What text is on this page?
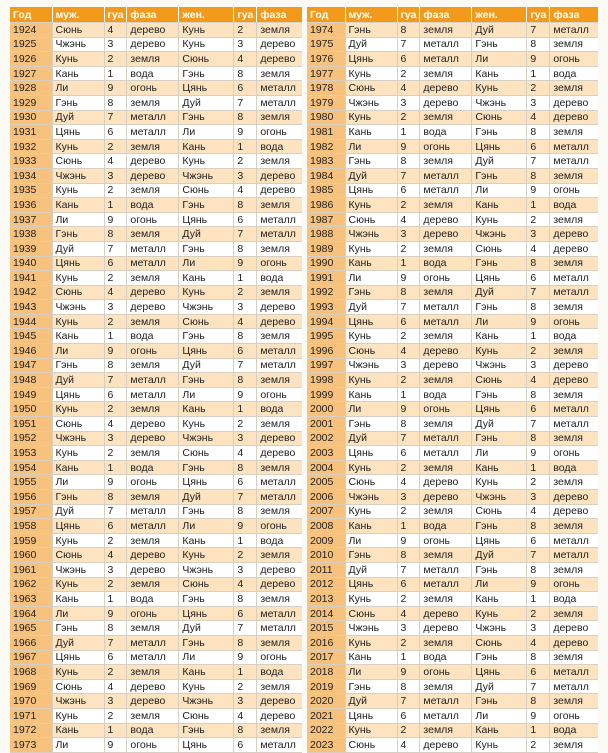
Год	муж.	гуа	фаза	жен.	гуа	фаза
1924	Сюнь	4	дерево	Кунь	2	земля
1925	Чжэнь	3	дерево	Кунь	3	дерево
1926	Кунь	2	земля	Сюнь	4	дерево
1927	Кань	1	вода	Гэнь	8	земля
1928	Ли	9	огонь	Цянь	6	металл
1929	Гэнь	8	земля	Дуй	7	металл
1930	Дуй	7	металл	Гэнь	8	земля
1931	Цянь	6	металл	Ли	9	огонь
1932	Кунь	2	земля	Кань	1	вода
1933	Сюнь	4	дерево	Кунь	2	земля
1934	Чжэнь	3	дерево	Чжэнь	3	дерево
1935	Кунь	2	земля	Сюнь	4	дерево
1936	Кань	1	вода	Гэнь	8	земля
1937	Ли	9	огонь	Цянь	6	металл
1938	Гэнь	8	земля	Дуй	7	металл
1939	Дуй	7	металл	Гэнь	8	земля
1940	Цянь	6	металл	Ли	9	огонь
1941	Кунь	2	земля	Кань	1	вода
1942	Сюнь	4	дерево	Кунь	2	земля
1943	Чжэнь	3	дерево	Чжэнь	3	дерево
1944	Кунь	2	земля	Сюнь	4	дерево
1945	Кань	1	вода	Гэнь	8	земля
1946	Ли	9	огонь	Цянь	6	металл
1947	Гэнь	8	земля	Дуй	7	металл
1948	Дуй	7	металл	Гэнь	8	земля
1949	Цянь	6	металл	Ли	9	огонь
1950	Кунь	2	земля	Кань	1	вода
1951	Сюнь	4	дерево	Кунь	2	земля
1952	Чжэнь	3	дерево	Чжэнь	3	дерево
1953	Кунь	2	земля	Сюнь	4	дерево
1954	Кань	1	вода	Гэнь	8	земля
1955	Ли	9	огонь	Цянь	6	металл
1956	Гэнь	8	земля	Дуй	7	металл
1957	Дуй	7	металл	Гэнь	8	земля
1958	Цянь	6	металл	Ли	9	огонь
1959	Кунь	2	земля	Кань	1	вода
1960	Сюнь	4	дерево	Кунь	2	земля
1961	Чжэнь	3	дерево	Чжэнь	3	дерево
1962	Кунь	2	земля	Сюнь	4	дерево
1963	Кань	1	вода	Гэнь	8	земля
1964	Ли	9	огонь	Цянь	6	металл
1965	Гэнь	8	земля	Дуй	7	металл
1966	Дуй	7	металл	Гэнь	8	земля
1967	Цянь	6	металл	Ли	9	огонь
1968	Кунь	2	земля	Кань	1	вода
1969	Сюнь	4	дерево	Кунь	2	земля
1970	Чжэнь	3	дерево	Чжэнь	3	дерево
1971	Кунь	2	земля	Сюнь	4	дерево
1972	Кань	1	вода	Гэнь	8	земля
1973	Ли	9	огонь	Цянь	6	металл
Год	муж.	гуа	фаза	жен.	гуа	фаза
1974	Гэнь	8	земля	Дуй	7	металл
1975	Дуй	7	металл	Гэнь	8	земля
1976	Цянь	6	металл	Ли	9	огонь
1977	Кунь	2	земля	Кань	1	вода
1978	Сюнь	4	дерево	Кунь	2	земля
1979	Чжэнь	3	дерево	Чжэнь	3	дерево
1980	Кунь	2	земля	Сюнь	4	дерево
1981	Кань	1	вода	Гэнь	8	земля
1982	Ли	9	огонь	Цянь	6	металл
1983	Гэнь	8	земля	Дуй	7	металл
1984	Дуй	7	металл	Гэнь	8	земля
1985	Цянь	6	металл	Ли	9	огонь
1986	Кунь	2	земля	Кань	1	вода
1987	Сюнь	4	дерево	Кунь	2	земля
1988	Чжэнь	3	дерево	Чжэнь	3	дерево
1989	Кунь	2	земля	Сюнь	4	дерево
1990	Кань	1	вода	Гэнь	8	земля
1991	Ли	9	огонь	Цянь	6	металл
1992	Гэнь	8	земля	Дуй	7	металл
1993	Дуй	7	металл	Гэнь	8	земля
1994	Цянь	6	металл	Ли	9	огонь
1995	Кунь	2	земля	Кань	1	вода
1996	Сюнь	4	дерево	Кунь	2	земля
1997	Чжэнь	3	дерево	Чжэнь	3	дерево
1998	Кунь	2	земля	Сюнь	4	дерево
1999	Кань	1	вода	Гэнь	8	земля
2000	Ли	9	огонь	Цянь	6	металл
2001	Гэнь	8	земля	Дуй	7	металл
2002	Дуй	7	металл	Гэнь	8	земля
2003	Цянь	6	металл	Ли	9	огонь
2004	Кунь	2	земля	Кань	1	вода
2005	Сюнь	4	дерево	Кунь	2	земля
2006	Чжэнь	3	дерево	Чжэнь	3	дерево
2007	Кунь	2	земля	Сюнь	4	дерево
2008	Кань	1	вода	Гэнь	8	земля
2009	Ли	9	огонь	Цянь	6	металл
2010	Гэнь	8	земля	Дуй	7	металл
2011	Дуй	7	металл	Гэнь	8	земля
2012	Цянь	6	металл	Ли	9	огонь
2013	Кунь	2	земля	Кань	1	вода
2014	Сюнь	4	дерево	Кунь	2	земля
2015	Чжэнь	3	дерево	Чжэнь	3	дерево
2016	Кунь	2	земля	Сюнь	4	дерево
2017	Кань	1	вода	Гэнь	8	земля
2018	Ли	9	огонь	Цянь	6	металл
2019	Гэнь	8	земля	Дуй	7	металл
2020	Дуй	7	металл	Гэнь	8	земля
2021	Цянь	6	металл	Ли	9	огонь
2022	Кунь	2	земля	Кань	1	вода
2023	Сюнь	4	дерево	Кунь	2	земля
